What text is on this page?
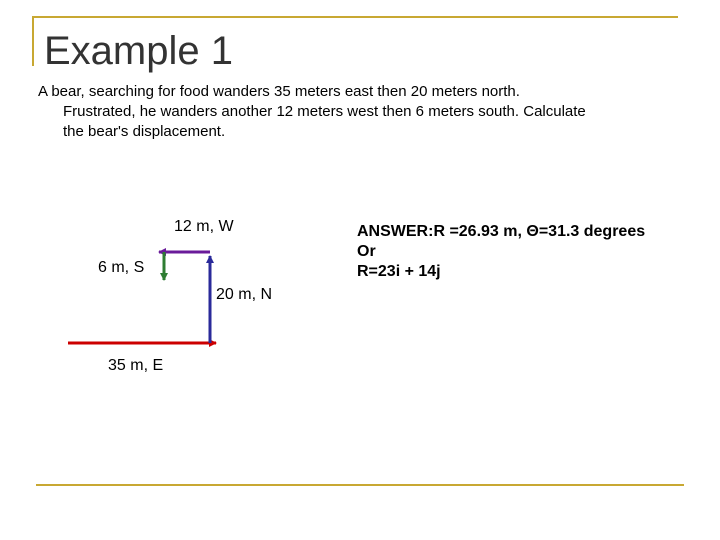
Example 1
A bear, searching for food wanders 35 meters east then 20 meters north.
Frustrated, he wanders another 12 meters west then 6 meters south. Calculate
the bear's displacement.
12 m, W
6 m, S
20 m, N
35 m, E
ANSWER:R =26.93 m, Θ=31.3 degrees
Or
R=23i + 14j
